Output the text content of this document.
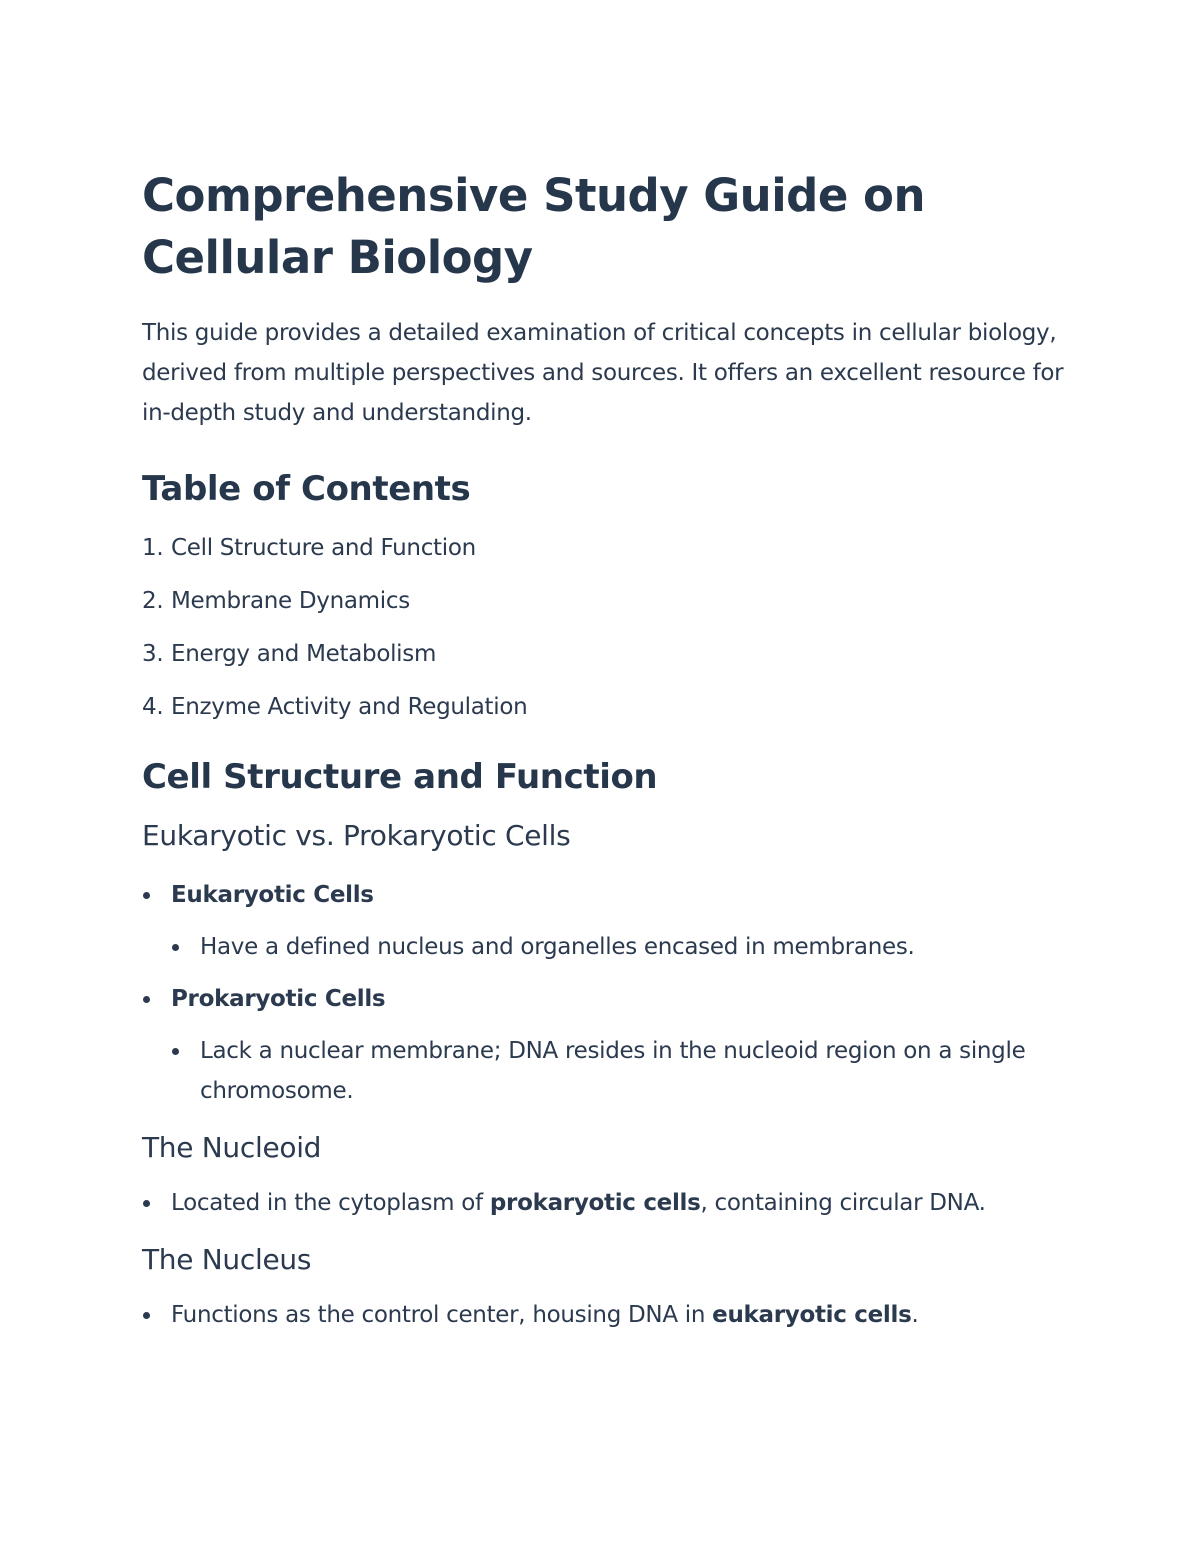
Comprehensive Study Guide on Cellular Biology

This guide provides a detailed examination of critical concepts in cellular biology, derived from multiple perspectives and sources. It offers an excellent resource for in-depth study and understanding.

Table of Contents
1. Cell Structure and Function
2. Membrane Dynamics
3. Energy and Metabolism
4. Enzyme Activity and Regulation
Cell Structure and Function
Eukaryotic vs. Prokaryotic Cells
Eukaryotic Cells
Have a defined nucleus and organelles encased in membranes.
Prokaryotic Cells
Lack a nuclear membrane; DNA resides in the nucleoid region on a single chromosome.
The Nucleoid
Located in the cytoplasm of prokaryotic cells, containing circular DNA.
The Nucleus
Functions as the control center, housing DNA in eukaryotic cells.
